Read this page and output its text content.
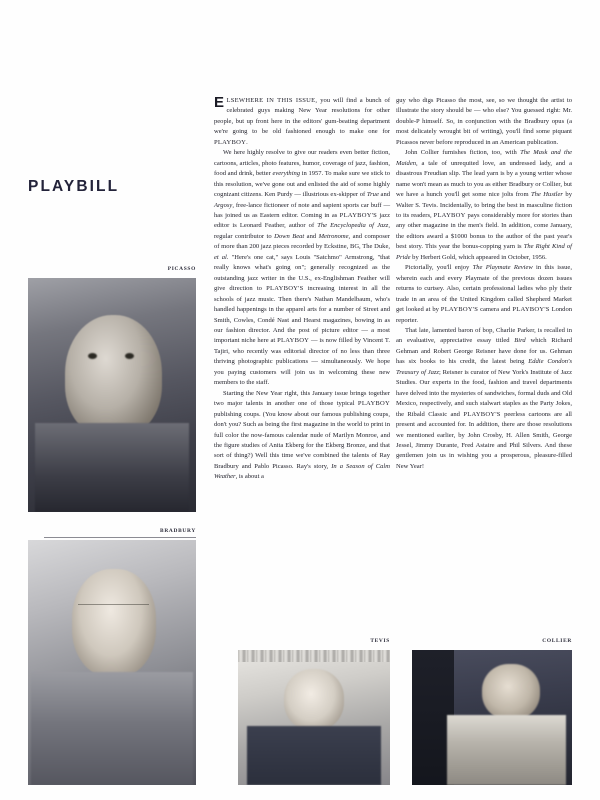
PLAYBILL
PICASSO
BRADBURY
TEVIS	COLLIER

ELSEWHERE IN THIS ISSUE, you will find a bunch of celebrated guys making New Year resolutions for other people, but up front here in the editors' gum-beating department we're going to be old fashioned enough to make one for PLAYBOY.

We here highly resolve to give our readers even better fiction, cartoons, articles, photo features, humor, coverage of jazz, fashion, food and drink, better everything in 1957. To make sure we stick to this resolution, we've gone out and enlisted the aid of some highly cognizant citizens. Ken Purdy — illustrious ex-skipper of True and Argosy, free-lance fictioneer of note and sapient sports car buff — has joined us as Eastern editor. Coming in as PLAYBOY'S jazz editor is Leonard Feather, author of The Encyclopedia of Jazz, regular contributor to Down Beat and Metronome, and composer of more than 200 jazz pieces recorded by Eckstine, BG, The Duke, et al. "Here's one cat," says Louis "Satchmo" Armstrong, "that really knows what's going on"; generally recognized as the outstanding jazz writer in the U.S., ex-Englishman Feather will give direction to PLAYBOY'S increasing interest in all the schools of jazz music. Then there's Nathan Mandelbaum, who's handled happenings in the apparel arts for a number of Street and Smith, Cowles, Condé Nast and Hearst magazines, bowing in as our fashion director. And the post of picture editor — a most important niche here at PLAYBOY — is now filled by Vincent T. Tajiri, who recently was editorial director of no less than three thriving photographic publications — simultaneously. We hope you paying customers will join us in welcoming these new members to the staff.

Starting the New Year right, this January issue brings together two major talents in another one of those typical PLAYBOY publishing coups. (You know about our famous publishing coups, don't you? Such as being the first magazine in the world to print in full color the now-famous calendar nude of Marilyn Monroe, and the figure studies of Anita Ekberg for the Ekberg Bronze, and that sort of thing?) Well this time we've combined the talents of Ray Bradbury and Pablo Picasso. Ray's story, In a Season of Calm Weather, is about a

guy who digs Picasso the most, see, so we thought the artist to illustrate the story should be — who else? You guessed right: Mr. double-P himself. So, in conjunction with the Bradbury opus (a most delicately wrought bit of writing), you'll find some piquant Picassos never before reproduced in an American publication.

John Collier furnishes fiction, too, with The Mask and the Maiden, a tale of unrequited love, an undressed lady, and a disastrous Freudian slip. The lead yarn is by a young writer whose name won't mean as much to you as either Bradbury or Collier, but we have a hunch you'll get some nice jolts from The Hustler by Walter S. Tevis. Incidentally, to bring the best in masculine fiction to its readers, PLAYBOY pays considerably more for stories than any other magazine in the men's field. In addition, come January, the editors award a $1000 bonus to the author of the past year's best story. This year the bonus-copping yarn is The Right Kind of Pride by Herbert Gold, which appeared in October, 1956.

Pictorially, you'll enjoy The Playmate Review in this issue, wherein each and every Playmate of the previous dozen issues returns to curtsey. Also, certain professional ladies who ply their trade in an area of the United Kingdom called Shepherd Market get looked at by PLAYBOY'S camera and PLAYBOY'S London reporter.

That late, lamented baron of bop, Charlie Parker, is recalled in an evaluative, appreciative essay titled Bird which Richard Gehman and Robert George Reisner have done for us. Gehman has six books to his credit, the latest being Eddie Condon's Treasury of Jazz; Reisner is curator of New York's Institute of Jazz Studies. Our experts in the food, fashion and travel departments have delved into the mysteries of sandwiches, formal duds and Old Mexico, respectively, and such stalwart staples as the Party Jokes, the Ribald Classic and PLAYBOY'S peerless cartoons are all present and accounted for. In addition, there are those resolutions we mentioned earlier, by John Crosby, H. Allen Smith, George Jessel, Jimmy Durante, Fred Astaire and Phil Silvers. And these gentlemen join us in wishing you a prosperous, pleasure-filled New Year!
